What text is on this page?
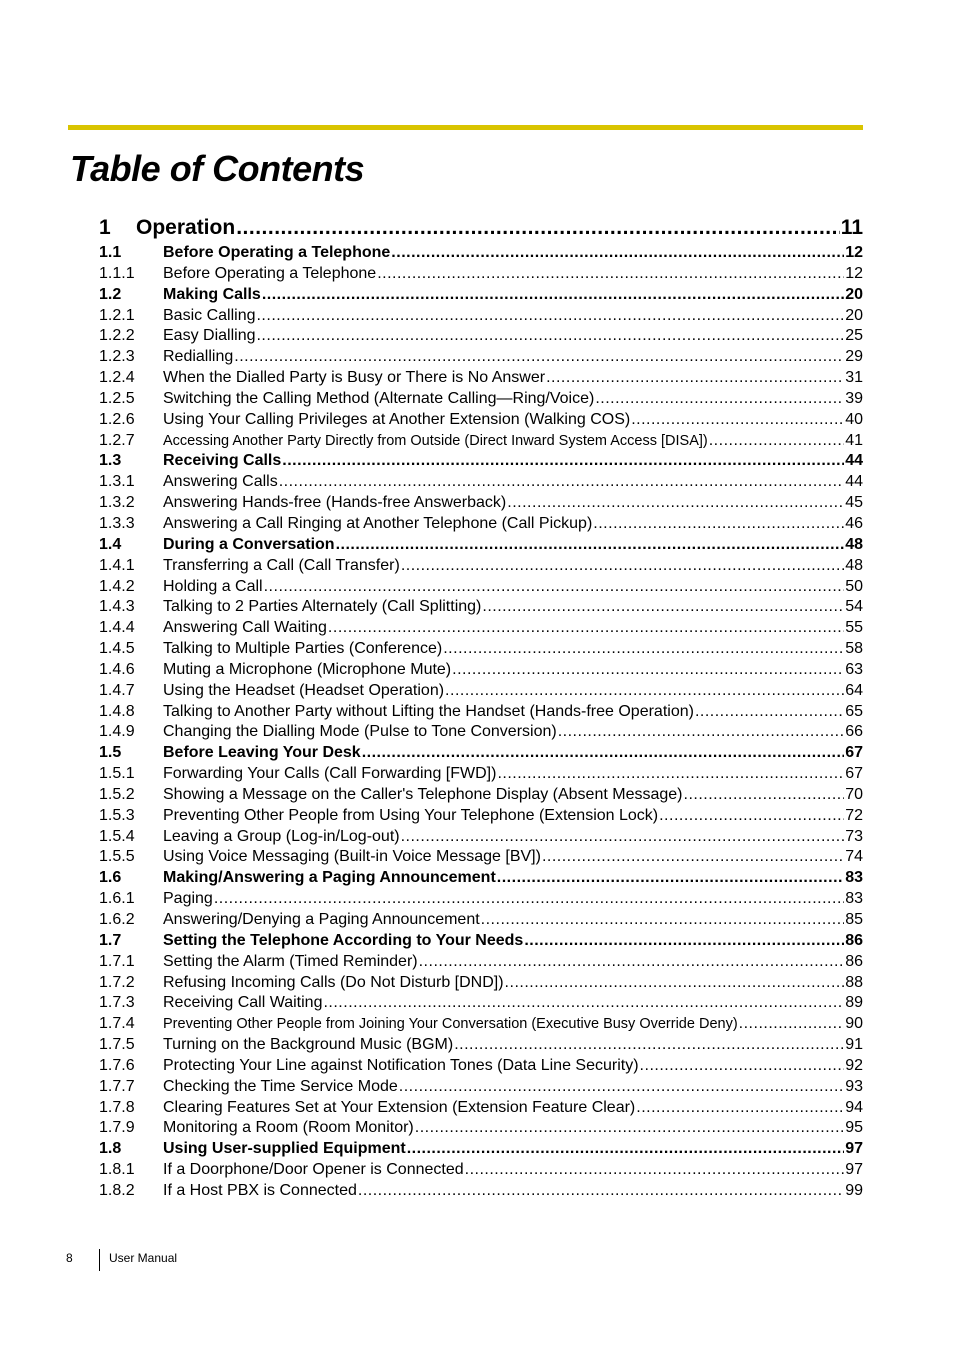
Table of Contents
1	Operation .....	11
1.1	Before Operating a Telephone .....	12
1.1.1	Before Operating a Telephone .....	12
1.2	Making Calls .....	20
1.2.1	Basic Calling .....	20
1.2.2	Easy Dialling .....	25
1.2.3	Redialling .....	29
1.2.4	When the Dialled Party is Busy or There is No Answer .....	31
1.2.5	Switching the Calling Method (Alternate Calling—Ring/Voice) .....	39
1.2.6	Using Your Calling Privileges at Another Extension (Walking COS) .....	40
1.2.7	Accessing Another Party Directly from Outside (Direct Inward System Access [DISA]) .....	41
1.3	Receiving Calls .....	44
1.3.1	Answering Calls .....	44
1.3.2	Answering Hands-free (Hands-free Answerback) .....	45
1.3.3	Answering a Call Ringing at Another Telephone (Call Pickup) .....	46
1.4	During a Conversation .....	48
1.4.1	Transferring a Call (Call Transfer) .....	48
1.4.2	Holding a Call .....	50
1.4.3	Talking to 2 Parties Alternately (Call Splitting) .....	54
1.4.4	Answering Call Waiting .....	55
1.4.5	Talking to Multiple Parties (Conference) .....	58
1.4.6	Muting a Microphone (Microphone Mute) .....	63
1.4.7	Using the Headset (Headset Operation) .....	64
1.4.8	Talking to Another Party without Lifting the Handset (Hands-free Operation) .....	65
1.4.9	Changing the Dialling Mode (Pulse to Tone Conversion) .....	66
1.5	Before Leaving Your Desk .....	67
1.5.1	Forwarding Your Calls (Call Forwarding [FWD]) .....	67
1.5.2	Showing a Message on the Caller's Telephone Display (Absent Message) .....	70
1.5.3	Preventing Other People from Using Your Telephone (Extension Lock) .....	72
1.5.4	Leaving a Group (Log-in/Log-out) .....	73
1.5.5	Using Voice Messaging (Built-in Voice Message [BV]) .....	74
1.6	Making/Answering a Paging Announcement .....	83
1.6.1	Paging .....	83
1.6.2	Answering/Denying a Paging Announcement .....	85
1.7	Setting the Telephone According to Your Needs .....	86
1.7.1	Setting the Alarm (Timed Reminder) .....	86
1.7.2	Refusing Incoming Calls (Do Not Disturb [DND]) .....	88
1.7.3	Receiving Call Waiting .....	89
1.7.4	Preventing Other People from Joining Your Conversation (Executive Busy Override Deny) .....	90
1.7.5	Turning on the Background Music (BGM) .....	91
1.7.6	Protecting Your Line against Notification Tones (Data Line Security) .....	92
1.7.7	Checking the Time Service Mode .....	93
1.7.8	Clearing Features Set at Your Extension (Extension Feature Clear) .....	94
1.7.9	Monitoring a Room (Room Monitor) .....	95
1.8	Using User-supplied Equipment .....	97
1.8.1	If a Doorphone/Door Opener is Connected .....	97
1.8.2	If a Host PBX is Connected .....	99
8	User Manual
